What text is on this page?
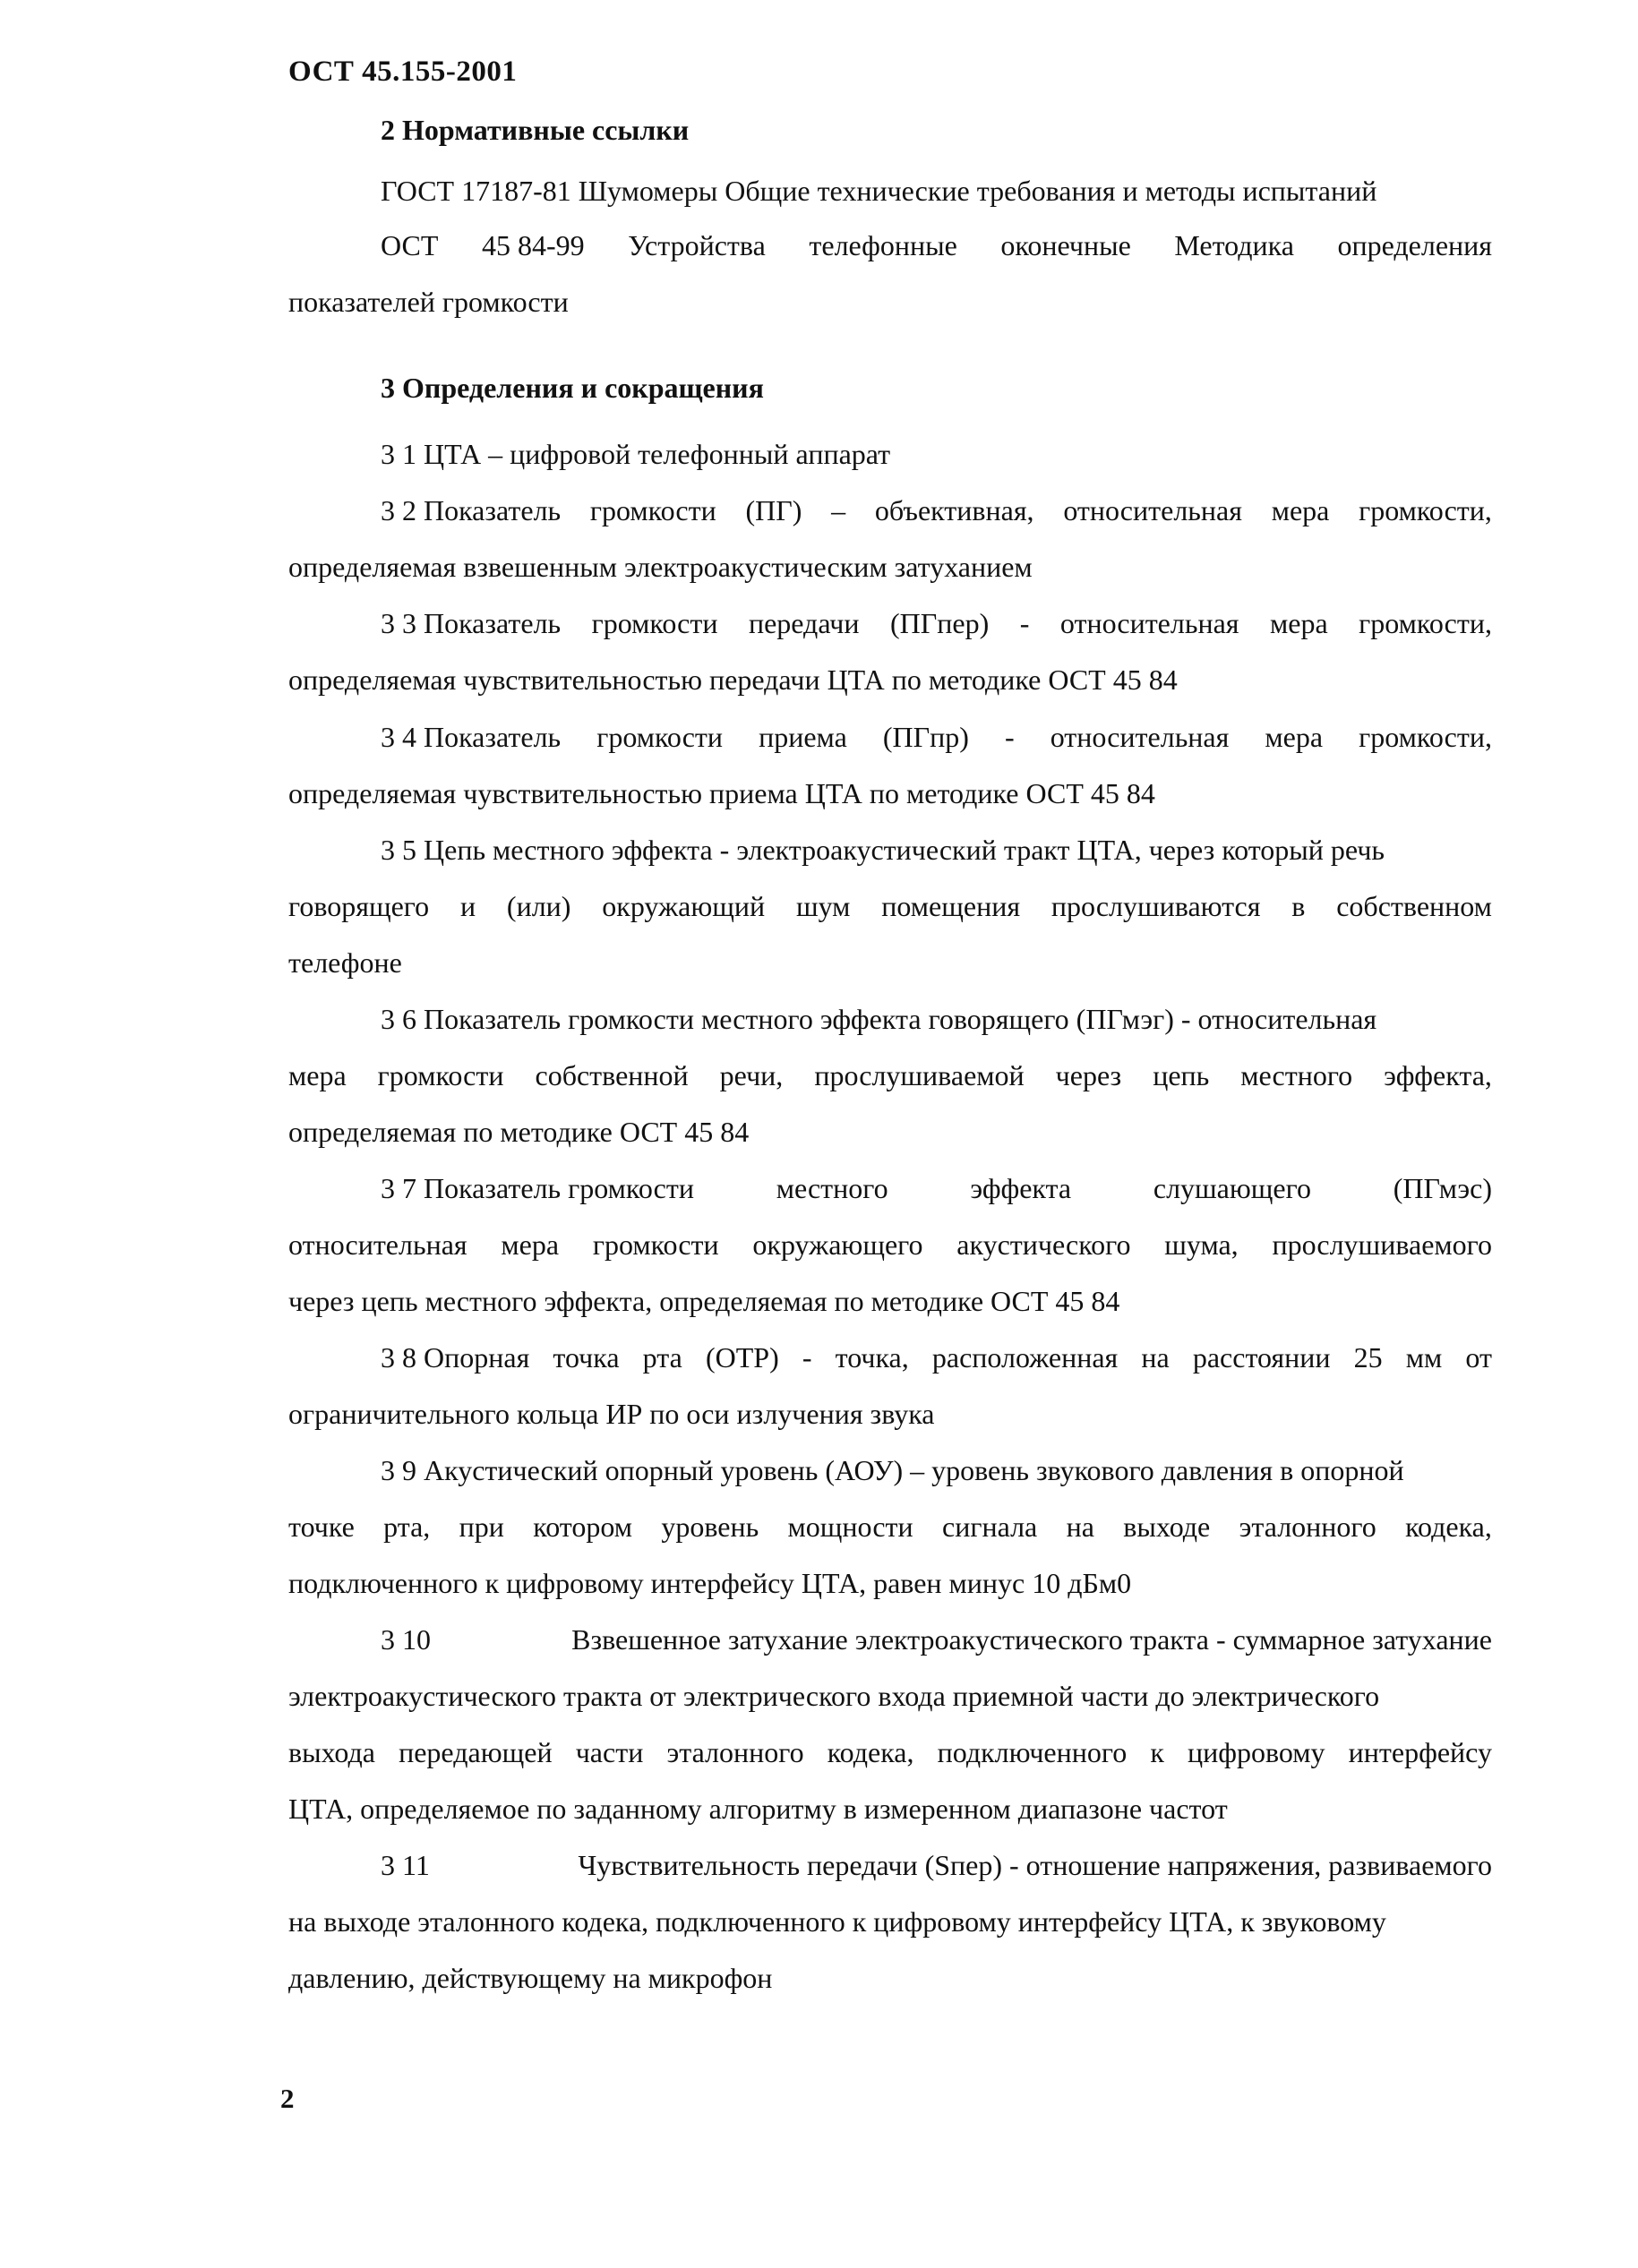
ОСТ 45.155-2001
2 Нормативные ссылки
ГОСТ 17187-81 Шумомеры Общие технические требования и методы испытаний
ОСТ 45 84-99 Устройства телефонные оконечные Методика определения
показателей громкости
3 Определения и сокращения
3 1 ЦТА – цифровой телефонный аппарат
3 2 Показатель громкости (ПГ) – объективная, относительная мера громкости,
определяемая взвешенным электроакустическим затуханием
3 3 Показатель громкости передачи (ПГпер) - относительная мера громкости,
определяемая чувствительностью передачи ЦТА по методике ОСТ 45 84
3 4 Показатель громкости приема (ПГпр) - относительная мера громкости,
определяемая чувствительностью приема ЦТА по методике ОСТ 45 84
3 5 Цепь местного эффекта - электроакустический тракт ЦТА, через который речь
говорящего и (или) окружающий шум помещения прослушиваются в собственном
телефоне
3 6 Показатель громкости местного эффекта говорящего (ПГмэг) - относительная
мера громкости собственной речи, прослушиваемой через цепь местного эффекта,
определяемая по методике ОСТ 45 84
3 7 Показатель громкости	местного	эффекта	слушающего	(ПГмэс)
относительная мера громкости окружающего акустического шума, прослушиваемого
через цепь местного эффекта, определяемая по методике ОСТ 45 84
3 8 Опорная точка рта (ОТР) - точка, расположенная на расстоянии 25 мм от
ограничительного кольца ИР по оси излучения звука
3 9 Акустический опорный уровень (АОУ) – уровень звукового давления в опорной
точке рта, при котором уровень мощности сигнала на выходе эталонного кодека,
подключенного к цифровому интерфейсу ЦТА, равен минус 10 дБм0
3 10	Взвешенное затухание электроакустического тракта - суммарное затухание
электроакустического тракта от электрического входа приемной части до электрического
выхода передающей части эталонного кодека, подключенного к цифровому интерфейсу
ЦТА, определяемое по заданному алгоритму в измеренном диапазоне частот
3 11	Чувствительность передачи (Sпер) - отношение напряжения, развиваемого
на выходе эталонного кодека, подключенного к цифровому интерфейсу ЦТА, к звуковому
давлению, действующему на микрофон
2
